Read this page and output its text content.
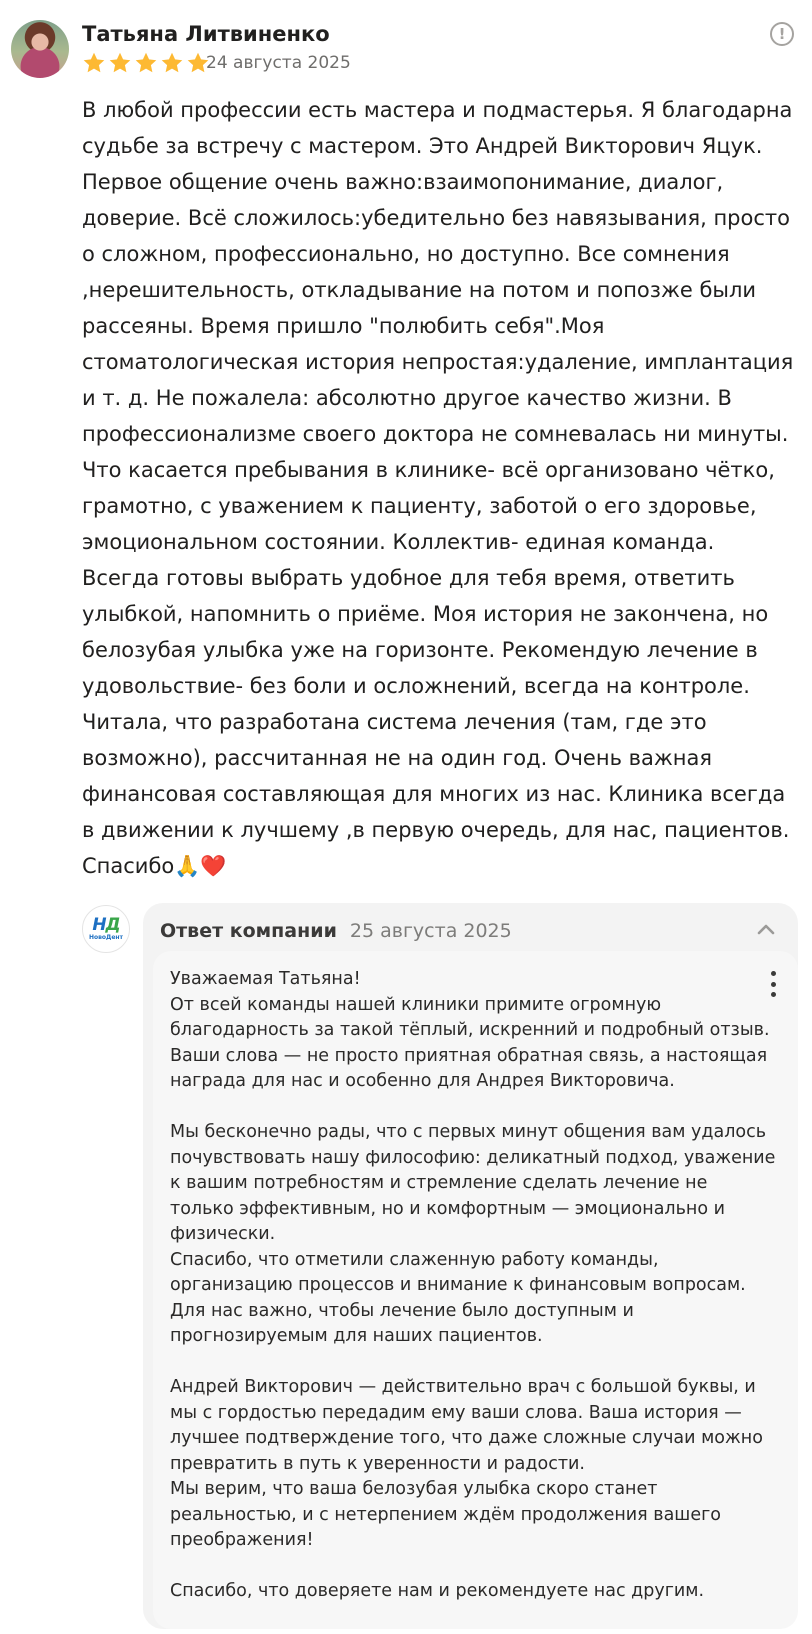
Татьяна Литвиненко
24 августа 2025
!
В любой профессии есть мастера и подмастерья. Я благодарна
судьбе за встречу с мастером. Это Андрей Викторович Яцук.
Первое общение очень важно:взаимопонимание, диалог,
доверие. Всё сложилось:убедительно без навязывания, просто
о сложном, профессионально, но доступно. Все сомнения
,нерешительность, откладывание на потом и попозже были
рассеяны. Время пришло "полюбить себя".Моя
стоматологическая история непростая:удаление, имплантация
и т. д. Не пожалела: абсолютно другое качество жизни. В
профессионализме своего доктора не сомневалась ни минуты.
Что касается пребывания в клинике- всё организовано чётко,
грамотно, с уважением к пациенту, заботой о его здоровье,
эмоциональном состоянии. Коллектив- единая команда.
Всегда готовы выбрать удобное для тебя время, ответить
улыбкой, напомнить о приёме. Моя история не закончена, но
белозубая улыбка уже на горизонте. Рекомендую лечение в
удовольствие- без боли и осложнений, всегда на контроле.
Читала, что разработана система лечения (там, где это
возможно), рассчитанная не на один год. Очень важная
финансовая составляющая для многих из нас. Клиника всегда
в движении к лучшему ,в первую очередь, для нас, пациентов.
Спасибо🙏❤️
НД
НовоДент Ответ компании 25 августа 2025
Уважаемая Татьяна!
От всей команды нашей клиники примите огромную
благодарность за такой тёплый, искренний и подробный отзыв.
Ваши слова — не просто приятная обратная связь, а настоящая
награда для нас и особенно для Андрея Викторовича.
Мы бесконечно рады, что с первых минут общения вам удалось
почувствовать нашу философию: деликатный подход, уважение
к вашим потребностям и стремление сделать лечение не
только эффективным, но и комфортным — эмоционально и
физически.
Спасибо, что отметили слаженную работу команды,
организацию процессов и внимание к финансовым вопросам.
Для нас важно, чтобы лечение было доступным и
прогнозируемым для наших пациентов.
Андрей Викторович — действительно врач с большой буквы, и
мы с гордостью передадим ему ваши слова. Ваша история —
лучшее подтверждение того, что даже сложные случаи можно
превратить в путь к уверенности и радости.
Мы верим, что ваша белозубая улыбка скоро станет
реальностью, и с нетерпением ждём продолжения вашего
преображения!
Спасибо, что доверяете нам и рекомендуете нас другим.
